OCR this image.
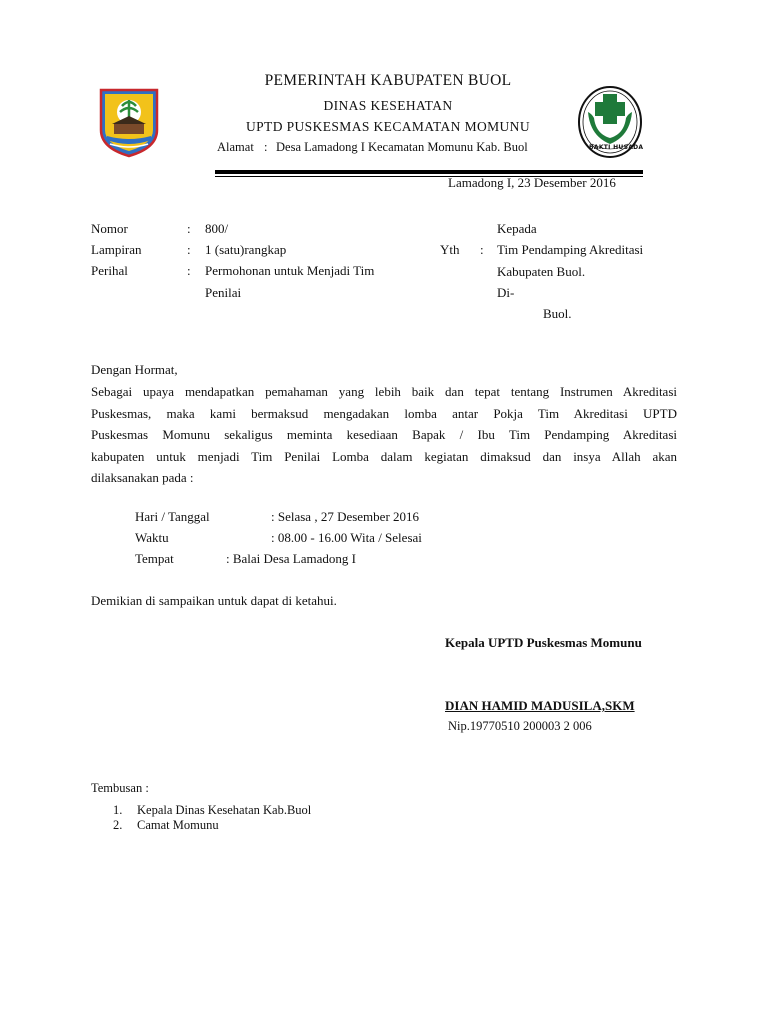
BAKTI HUSADA
PEMERINTAH KABUPATEN BUOL
DINAS KESEHATAN
UPTD PUSKESMAS KECAMATAN MOMUNU
Alamat : Desa Lamadong I Kecamatan Momunu Kab. Buol
Lamadong I, 23 Desember 2016
Nomor	: 800/
Lampiran	: 1 (satu)rangkap
Perihal	: Permohonan untuk Menjadi Tim
Penilai
Kepada
Yth : Tim Pendamping Akreditasi
Kabupaten Buol.
Di-
Buol.
Dengan Hormat,
Sebagai upaya mendapatkan pemahaman yang lebih baik dan tepat tentang Instrumen Akreditasi
Puskesmas, maka kami bermaksud mengadakan lomba antar Pokja Tim Akreditasi UPTD
Puskesmas Momunu sekaligus meminta kesediaan Bapak / Ibu Tim Pendamping Akreditasi
kabupaten untuk menjadi Tim Penilai Lomba dalam kegiatan dimaksud dan insya Allah akan
dilaksanakan pada :
Hari / Tanggal	: Selasa , 27 Desember 2016
Waktu	: 08.00 - 16.00 Wita / Selesai
Tempat	: Balai Desa Lamadong I
Demikian di sampaikan untuk dapat di ketahui.
Kepala UPTD Puskesmas Momunu
DIAN HAMID MADUSILA,SKM
Nip.19770510 200003 2 006
Tembusan :
1. Kepala Dinas Kesehatan Kab.Buol
2. Camat Momunu
